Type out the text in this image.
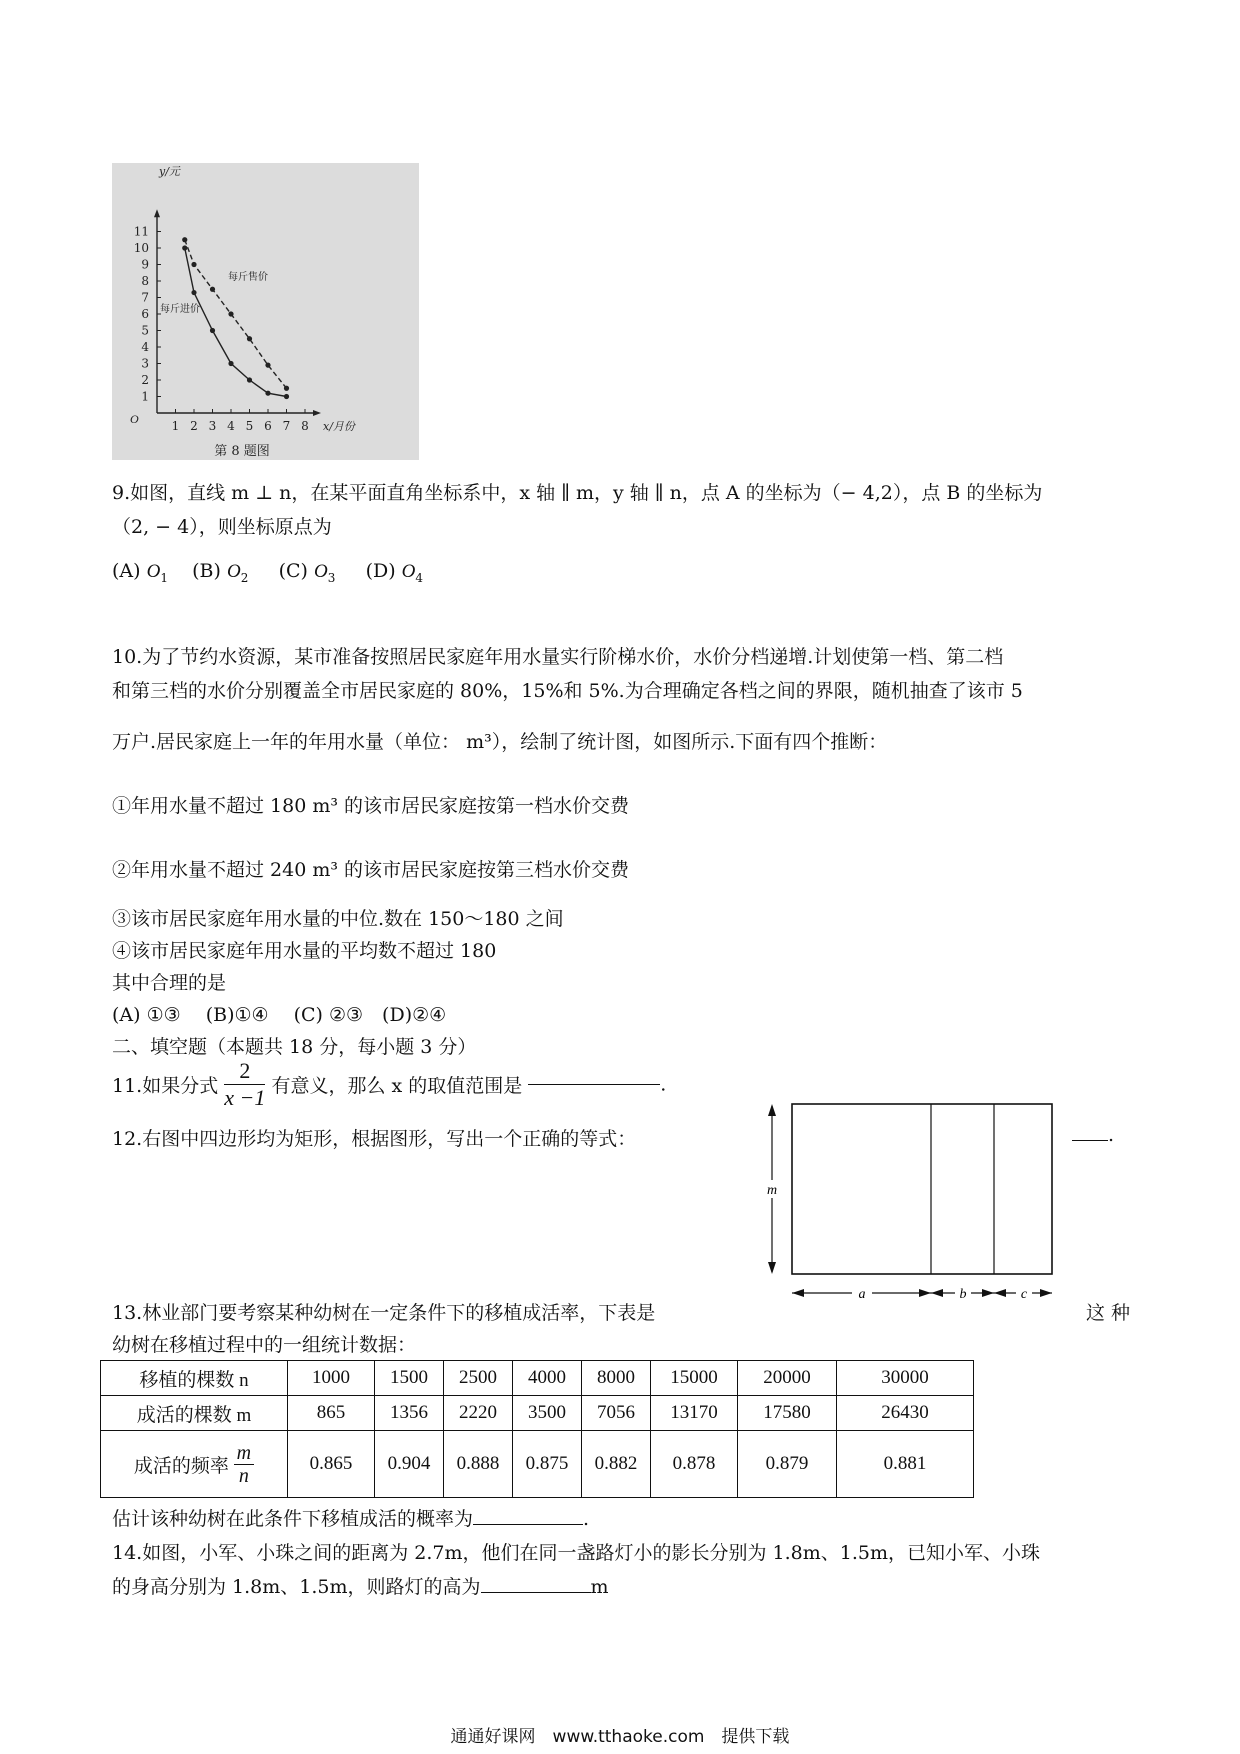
1 2 3 4 5 6 7 8
1
2
3
4
5
6
7
8
9
10
11
O
y/元
x/月份
第 8 题图
每斤售价
每斤进价
9.如图，直线 m ⊥ n，在某平面直角坐标系中，x 轴 ∥ m，y 轴 ∥ n，点 A 的坐标为（− 4,2），点 B 的坐标为
（2, − 4），则坐标原点为
(A) $O_1$ (B) $O_2$ (C) $O_3$ (D) $O_4$
10.为了节约水资源，某市准备按照居民家庭年用水量实行阶梯水价，水价分档递增.计划使第一档、第二档
和第三档的水价分别覆盖全市居民家庭的 80%，15%和 5%.为合理确定各档之间的界限，随机抽查了该市 5
万户.居民家庭上一年的年用水量（单位： m³），绘制了统计图，如图所示.下面有四个推断：
①年用水量不超过 180 m³ 的该市居民家庭按第一档水价交费
②年用水量不超过 240 m³ 的该市居民家庭按第三档水价交费
③该市居民家庭年用水量的中位.数在 150～180 之间
④该市居民家庭年用水量的平均数不超过 180
其中合理的是
(A) ①③　 (B)①④　 (C) ②③　(D)②④
二、填空题（本题共 18 分，每小题 3 分）
11.如果分式 $\frac{2}{x -1}$ 有意义，那么 x 的取值范围是	.
12.右图中四边形均为矩形，根据图形，写出一个正确的等式：	.
m
a	b	c
13.林业部门要考察某种幼树在一定条件下的移植成活率，下表是	这 种
幼树在移植过程中的一组统计数据：
移植的棵数 n	1000	1500	2500	4000	8000	15000	20000	30000
成活的棵数 m	865	1356	2220	3500	7056	13170	17580	26430
成活的频率 $\frac{m}{n}$	0.865	0.904	0.888	0.875	0.882	0.878	0.879	0.881
估计该种幼树在此条件下移植成活的概率为	.
14.如图，小军、小珠之间的距离为 2.7m，他们在同一盏路灯小的影长分别为 1.8m、1.5m，已知小军、小珠
的身高分别为 1.8m、1.5m，则路灯的高为	m
通通好课网　www.tthaoke.com　提供下载
